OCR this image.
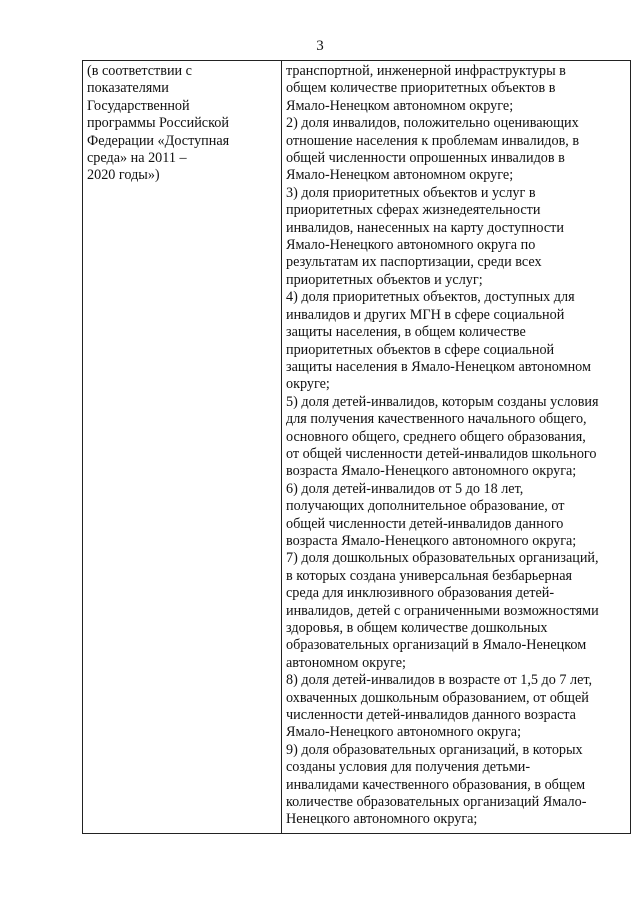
3
(в соответствии с
показателями
Государственной
программы Российской
Федерации «Доступная
среда» на 2011 –
2020 годы»)

транспортной, инженерной инфраструктуры в
общем количестве приоритетных объектов в
Ямало-Ненецком автономном округе;
2) доля инвалидов, положительно оценивающих
отношение населения к проблемам инвалидов, в
общей численности опрошенных инвалидов в
Ямало-Ненецком автономном округе;
3) доля приоритетных объектов и услуг в
приоритетных сферах жизнедеятельности
инвалидов, нанесенных на карту доступности
Ямало-Ненецкого автономного округа по
результатам их паспортизации, среди всех
приоритетных объектов и услуг;
4) доля приоритетных объектов, доступных для
инвалидов и других МГН в сфере социальной
защиты населения, в общем количестве
приоритетных объектов в сфере социальной
защиты населения в Ямало-Ненецком автономном
округе;
5) доля детей-инвалидов, которым созданы условия
для получения качественного начального общего,
основного общего, среднего общего образования,
от общей численности детей-инвалидов школьного
возраста Ямало-Ненецкого автономного округа;
6) доля детей-инвалидов от 5 до 18 лет,
получающих дополнительное образование, от
общей численности детей-инвалидов данного
возраста Ямало-Ненецкого автономного округа;
7) доля дошкольных образовательных организаций,
в которых создана универсальная безбарьерная
среда для инклюзивного образования детей-
инвалидов, детей с ограниченными возможностями
здоровья, в общем количестве дошкольных
образовательных организаций в Ямало-Ненецком
автономном округе;
8) доля детей-инвалидов в возрасте от 1,5 до 7 лет,
охваченных дошкольным образованием, от общей
численности детей-инвалидов данного возраста
Ямало-Ненецкого автономного округа;
9) доля образовательных организаций, в которых
созданы условия для получения детьми-
инвалидами качественного образования, в общем
количестве образовательных организаций Ямало-
Ненецкого автономного округа;
